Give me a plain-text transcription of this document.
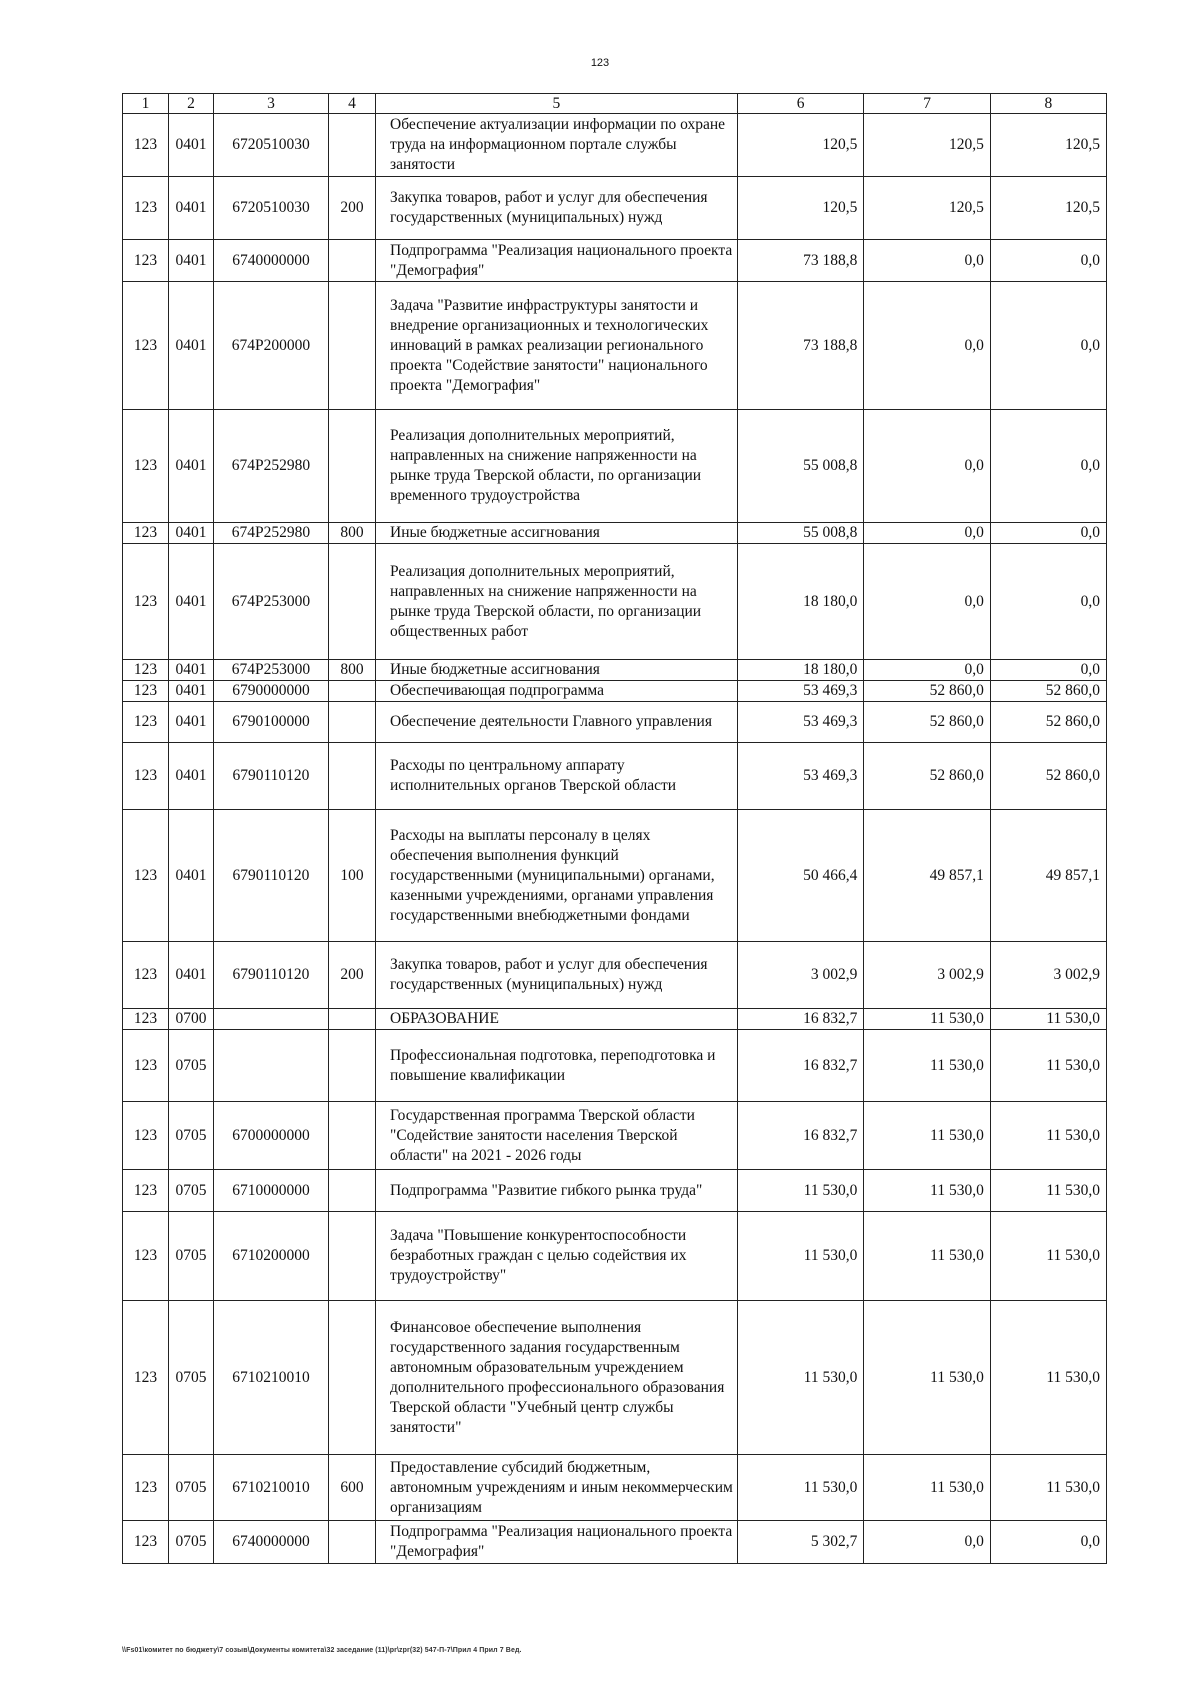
123
1	2	3	4	5	6	7	8
123	0401	6720510030		Обеспечение актуализации информации по охране труда на информационном портале службы занятости	120,5	120,5	120,5
123	0401	6720510030	200	Закупка товаров, работ и услуг для обеспечения государственных (муниципальных) нужд	120,5	120,5	120,5
123	0401	6740000000		Подпрограмма "Реализация национального проекта "Демография"	73 188,8	0,0	0,0
123	0401	674P200000		Задача "Развитие инфраструктуры занятости и внедрение организационных и технологических инноваций в рамках реализации регионального проекта "Содействие занятости" национального проекта "Демография"	73 188,8	0,0	0,0
123	0401	674P252980		Реализация дополнительных мероприятий, направленных на снижение напряженности на рынке труда Тверской области, по организации временного трудоустройства	55 008,8	0,0	0,0
123	0401	674P252980	800	Иные бюджетные ассигнования	55 008,8	0,0	0,0
123	0401	674P253000		Реализация дополнительных мероприятий, направленных на снижение напряженности на рынке труда Тверской области, по организации общественных работ	18 180,0	0,0	0,0
123	0401	674P253000	800	Иные бюджетные ассигнования	18 180,0	0,0	0,0
123	0401	6790000000		Обеспечивающая подпрограмма	53 469,3	52 860,0	52 860,0
123	0401	6790100000		Обеспечение деятельности Главного управления	53 469,3	52 860,0	52 860,0
123	0401	6790110120		Расходы по центральному аппарату исполнительных органов Тверской области	53 469,3	52 860,0	52 860,0
123	0401	6790110120	100	Расходы на выплаты персоналу в целях обеспечения выполнения функций государственными (муниципальными) органами, казенными учреждениями, органами управления государственными внебюджетными фондами	50 466,4	49 857,1	49 857,1
123	0401	6790110120	200	Закупка товаров, работ и услуг для обеспечения государственных (муниципальных) нужд	3 002,9	3 002,9	3 002,9
123	0700			ОБРАЗОВАНИЕ	16 832,7	11 530,0	11 530,0
123	0705			Профессиональная подготовка, переподготовка и повышение квалификации	16 832,7	11 530,0	11 530,0
123	0705	6700000000		Государственная программа Тверской области "Содействие занятости населения Тверской области" на 2021 - 2026 годы	16 832,7	11 530,0	11 530,0
123	0705	6710000000		Подпрограмма "Развитие гибкого рынка труда"	11 530,0	11 530,0	11 530,0
123	0705	6710200000		Задача "Повышение конкурентоспособности безработных граждан с целью содействия их трудоустройству"	11 530,0	11 530,0	11 530,0
123	0705	6710210010		Финансовое обеспечение выполнения государственного задания государственным автономным образовательным учреждением дополнительного профессионального образования Тверской области "Учебный центр службы занятости"	11 530,0	11 530,0	11 530,0
123	0705	6710210010	600	Предоставление субсидий бюджетным, автономным учреждениям и иным некоммерческим организациям	11 530,0	11 530,0	11 530,0
123	0705	6740000000		Подпрограмма "Реализация национального проекта "Демография"	5 302,7	0,0	0,0
\\Fs01\комитет по бюджету\7 созыв\Документы комитета\32 заседание (11)\pr\zpr(32) 547-П-7\Прил 4 Прил 7 Вед.
